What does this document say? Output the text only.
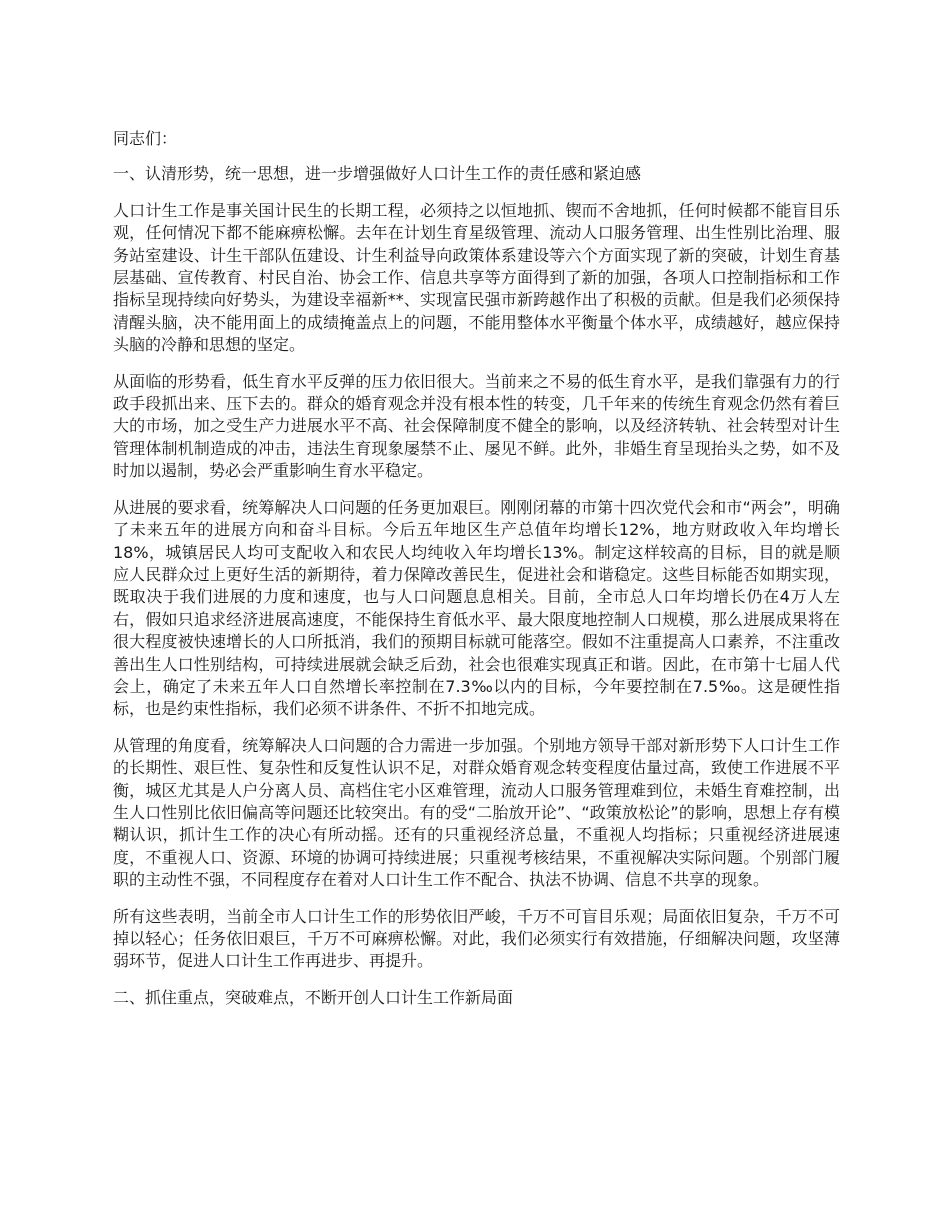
同志们：

一、认清形势，统一思想，进一步增强做好人口计生工作的责任感和紧迫感

人口计生工作是事关国计民生的长期工程，必须持之以恒地抓、锲而不舍地抓，任何时候都不能盲目乐观，任何情况下都不能麻痹松懈。去年在计划生育星级管理、流动人口服务管理、出生性别比治理、服务站室建设、计生干部队伍建设、计生利益导向政策体系建设等六个方面实现了新的突破，计划生育基层基础、宣传教育、村民自治、协会工作、信息共享等方面得到了新的加强，各项人口控制指标和工作指标呈现持续向好势头，为建设幸福新**、实现富民强市新跨越作出了积极的贡献。但是我们必须保持清醒头脑，决不能用面上的成绩掩盖点上的问题，不能用整体水平衡量个体水平，成绩越好，越应保持头脑的冷静和思想的坚定。

从面临的形势看，低生育水平反弹的压力依旧很大。当前来之不易的低生育水平，是我们靠强有力的行政手段抓出来、压下去的。群众的婚育观念并没有根本性的转变，几千年来的传统生育观念仍然有着巨大的市场，加之受生产力进展水平不高、社会保障制度不健全的影响，以及经济转轨、社会转型对计生管理体制机制造成的冲击，违法生育现象屡禁不止、屡见不鲜。此外，非婚生育呈现抬头之势，如不及时加以遏制，势必会严重影响生育水平稳定。

从进展的要求看，统筹解决人口问题的任务更加艰巨。刚刚闭幕的市第十四次党代会和市“两会”，明确了未来五年的进展方向和奋斗目标。今后五年地区生产总值年均增长12%，地方财政收入年均增长18%，城镇居民人均可支配收入和农民人均纯收入年均增长13%。制定这样较高的目标，目的就是顺应人民群众过上更好生活的新期待，着力保障改善民生，促进社会和谐稳定。这些目标能否如期实现，既取决于我们进展的力度和速度，也与人口问题息息相关。目前，全市总人口年均增长仍在4万人左右，假如只追求经济进展高速度，不能保持生育低水平、最大限度地控制人口规模，那么进展成果将在很大程度被快速增长的人口所抵消，我们的预期目标就可能落空。假如不注重提高人口素养，不注重改善出生人口性别结构，可持续进展就会缺乏后劲，社会也很难实现真正和谐。因此，在市第十七届人代会上，确定了未来五年人口自然增长率控制在7.3‰以内的目标，今年要控制在7.5‰。这是硬性指标，也是约束性指标，我们必须不讲条件、不折不扣地完成。

从管理的角度看，统筹解决人口问题的合力需进一步加强。个别地方领导干部对新形势下人口计生工作的长期性、艰巨性、复杂性和反复性认识不足，对群众婚育观念转变程度估量过高，致使工作进展不平衡，城区尤其是人户分离人员、高档住宅小区难管理，流动人口服务管理难到位，未婚生育难控制，出生人口性别比依旧偏高等问题还比较突出。有的受“二胎放开论”、“政策放松论”的影响，思想上存有模糊认识，抓计生工作的决心有所动摇。还有的只重视经济总量，不重视人均指标；只重视经济进展速度，不重视人口、资源、环境的协调可持续进展；只重视考核结果，不重视解决实际问题。个别部门履职的主动性不强，不同程度存在着对人口计生工作不配合、执法不协调、信息不共享的现象。

所有这些表明，当前全市人口计生工作的形势依旧严峻，千万不可盲目乐观；局面依旧复杂，千万不可掉以轻心；任务依旧艰巨，千万不可麻痹松懈。对此，我们必须实行有效措施，仔细解决问题，攻坚薄弱环节，促进人口计生工作再进步、再提升。

二、抓住重点，突破难点，不断开创人口计生工作新局面
